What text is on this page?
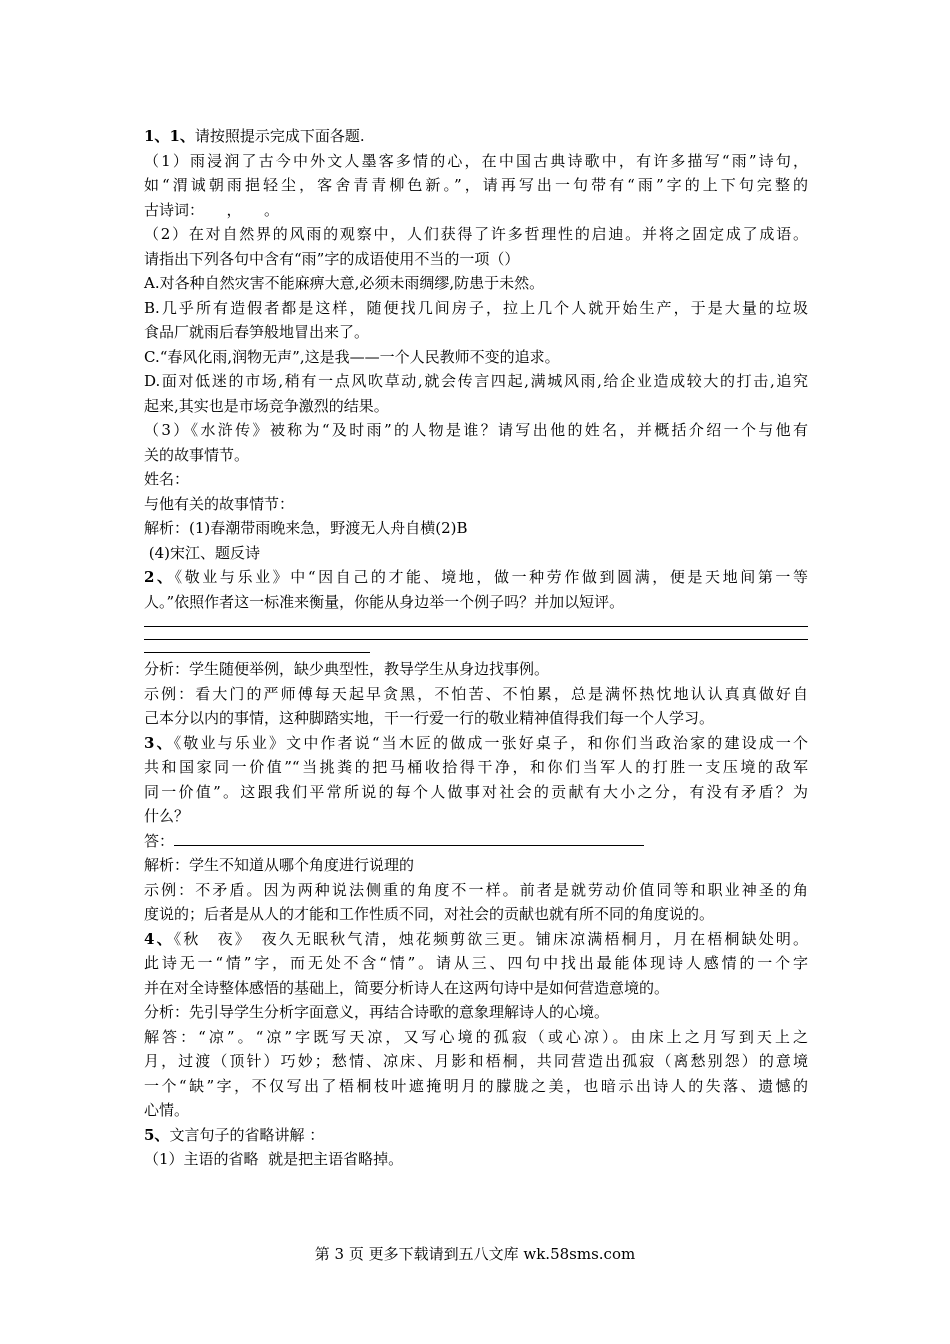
1、1、请按照提示完成下面各题.
（1）雨浸润了古今中外文人墨客多情的心，在中国古典诗歌中，有许多描写“雨”诗句，
如“渭诚朝雨挹轻尘，客舍青青柳色新。”，请再写出一句带有“雨”字的上下句完整的
古诗词：　　，　　。
（2）在对自然界的风雨的观察中，人们获得了许多哲理性的启迪。并将之固定成了成语。
请指出下列各句中含有“雨”字的成语使用不当的一项（）
A.对各种自然灾害不能麻痹大意,必须未雨绸缪,防患于未然。
B.几乎所有造假者都是这样，随便找几间房子，拉上几个人就开始生产，于是大量的垃圾
食品厂就雨后春笋般地冒出来了。
C.“春风化雨,润物无声”,这是我——一个人民教师不变的追求。
D.面对低迷的市场,稍有一点风吹草动,就会传言四起,满城风雨,给企业造成较大的打击,追究
起来,其实也是市场竞争激烈的结果。
（3）《水浒传》被称为“及时雨”的人物是谁？请写出他的姓名，并概括介绍一个与他有
关的故事情节。
姓名：
与他有关的故事情节：
解析：(1)春潮带雨晚来急，野渡无人舟自横(2)B
(4)宋江、题反诗
2、《敬业与乐业》中“因自己的才能、境地，做一种劳作做到圆满，便是天地间第一等
人。”依照作者这一标准来衡量，你能从身边举一个例子吗？并加以短评。
分析：学生随便举例，缺少典型性，教导学生从身边找事例。
示例：看大门的严师傅每天起早贪黑，不怕苦、不怕累，总是满怀热忱地认认真真做好自
己本分以内的事情，这种脚踏实地，干一行爱一行的敬业精神值得我们每一个人学习。
3、《敬业与乐业》文中作者说“当木匠的做成一张好桌子，和你们当政治家的建设成一个
共和国家同一价值”“当挑粪的把马桶收拾得干净，和你们当军人的打胜一支压境的敌军
同一价值”。这跟我们平常所说的每个人做事对社会的贡献有大小之分，有没有矛盾？为
什么？
答：
解析：学生不知道从哪个角度进行说理的
示例：不矛盾。因为两种说法侧重的角度不一样。前者是就劳动价值同等和职业神圣的角
度说的；后者是从人的才能和工作性质不同，对社会的贡献也就有所不同的角度说的。
4、《秋　夜》　夜久无眠秋气清，烛花频剪欲三更。铺床凉满梧桐月，月在梧桐缺处明。
此诗无一“情”字，而无处不含“情”。请从三、四句中找出最能体现诗人感情的一个字
并在对全诗整体感悟的基础上，简要分析诗人在这两句诗中是如何营造意境的。
分析：先引导学生分析字面意义，再结合诗歌的意象理解诗人的心境。
解答：“凉”。“凉”字既写天凉，又写心境的孤寂（或心凉）。由床上之月写到天上之
月，过渡（顶针）巧妙；愁情、凉床、月影和梧桐，共同营造出孤寂（离愁别怨）的意境
一个“缺”字，不仅写出了梧桐枝叶遮掩明月的朦胧之美，也暗示出诗人的失落、遗憾的
心情。
5、文言句子的省略讲解 ：
（1）主语的省略  就是把主语省略掉。
第 3 页 更多下载请到五八文库 wk.58sms.com
